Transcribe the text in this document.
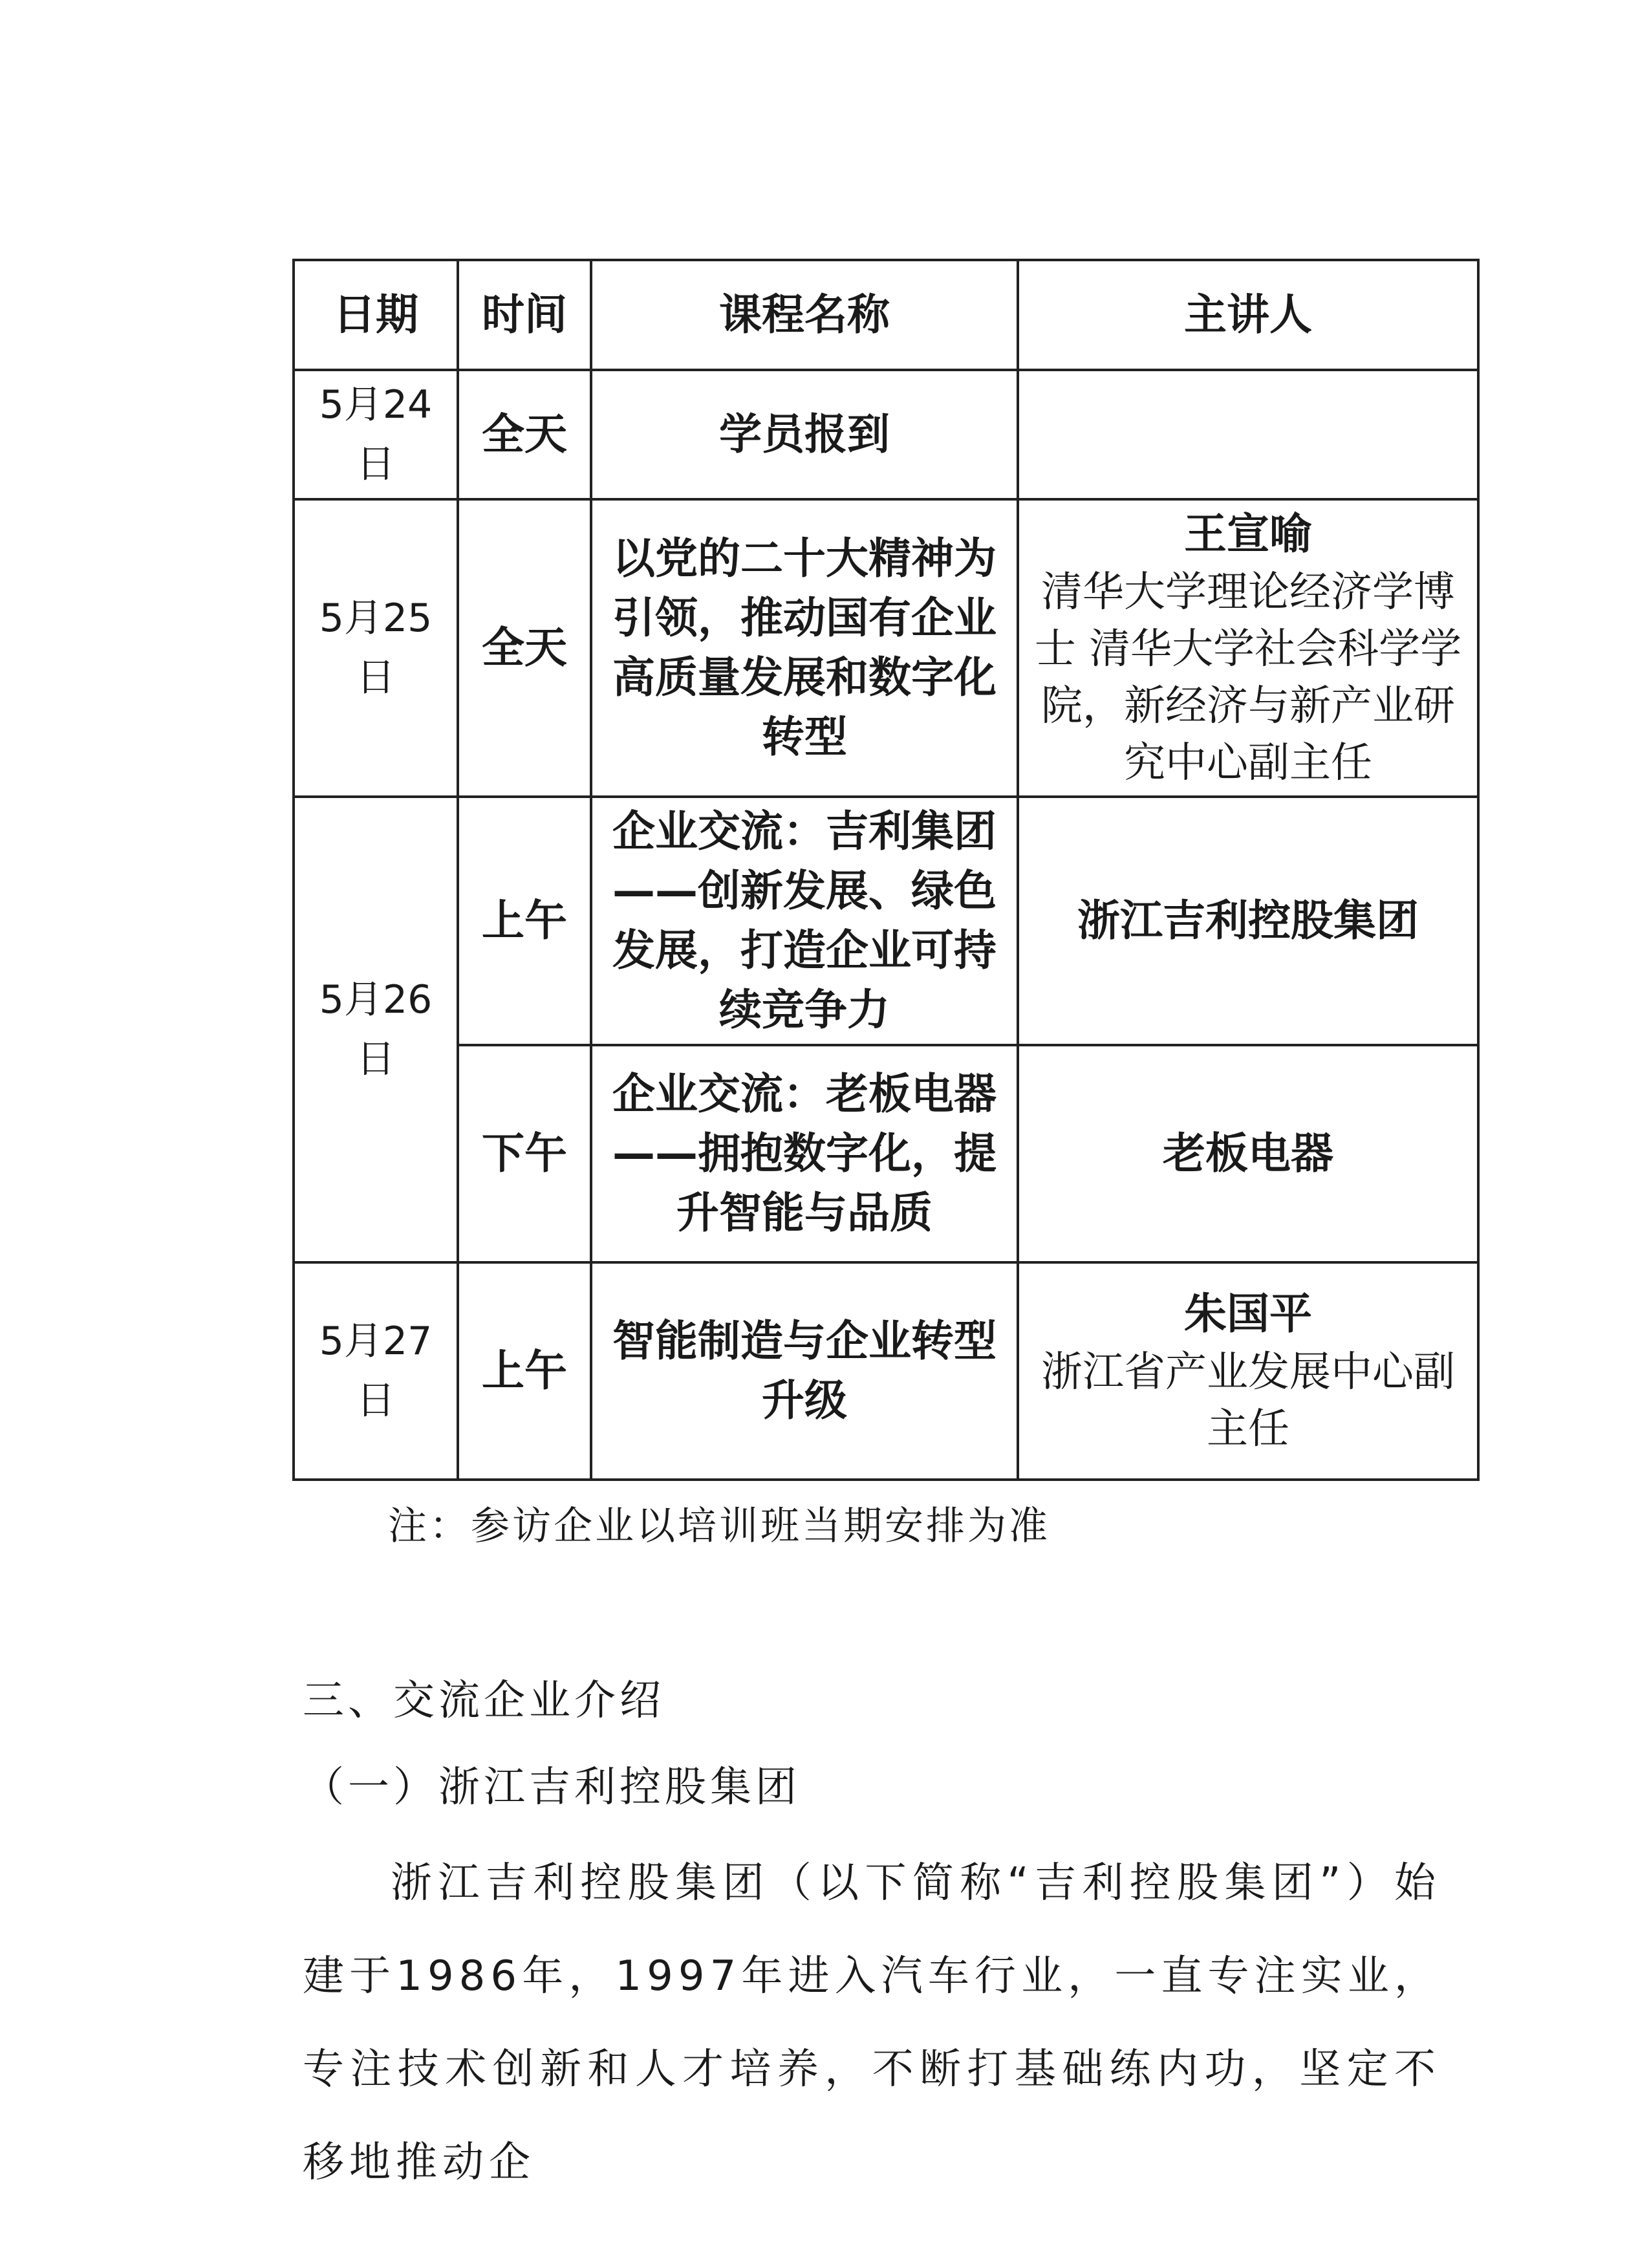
日期	时间	课程名称	主讲人
5月24日	全天	学员报到	
5月25日	全天	以党的二十大精神为引领，推动国有企业高质量发展和数字化转型	王宣喻
清华大学理论经济学博士 清华大学社会科学学院，新经济与新产业研究中心副主任

5月26日	上午	企业交流：吉利集团——创新发展、绿色发展，打造企业可持续竞争力	浙江吉利控股集团

	下午	企业交流：老板电器——拥抱数字化，提升智能与品质	老板电器

5月27日	上午	智能制造与企业转型升级	朱国平
浙江省产业发展中心副主任
注：参访企业以培训班当期安排为准
三、交流企业介绍
（一）浙江吉利控股集团
浙江吉利控股集团（以下简称“吉利控股集团”）始建于1986年，1997年进入汽车行业，一直专注实业，专注技术创新和人才培养，不断打基础练内功，坚定不移地推动企
